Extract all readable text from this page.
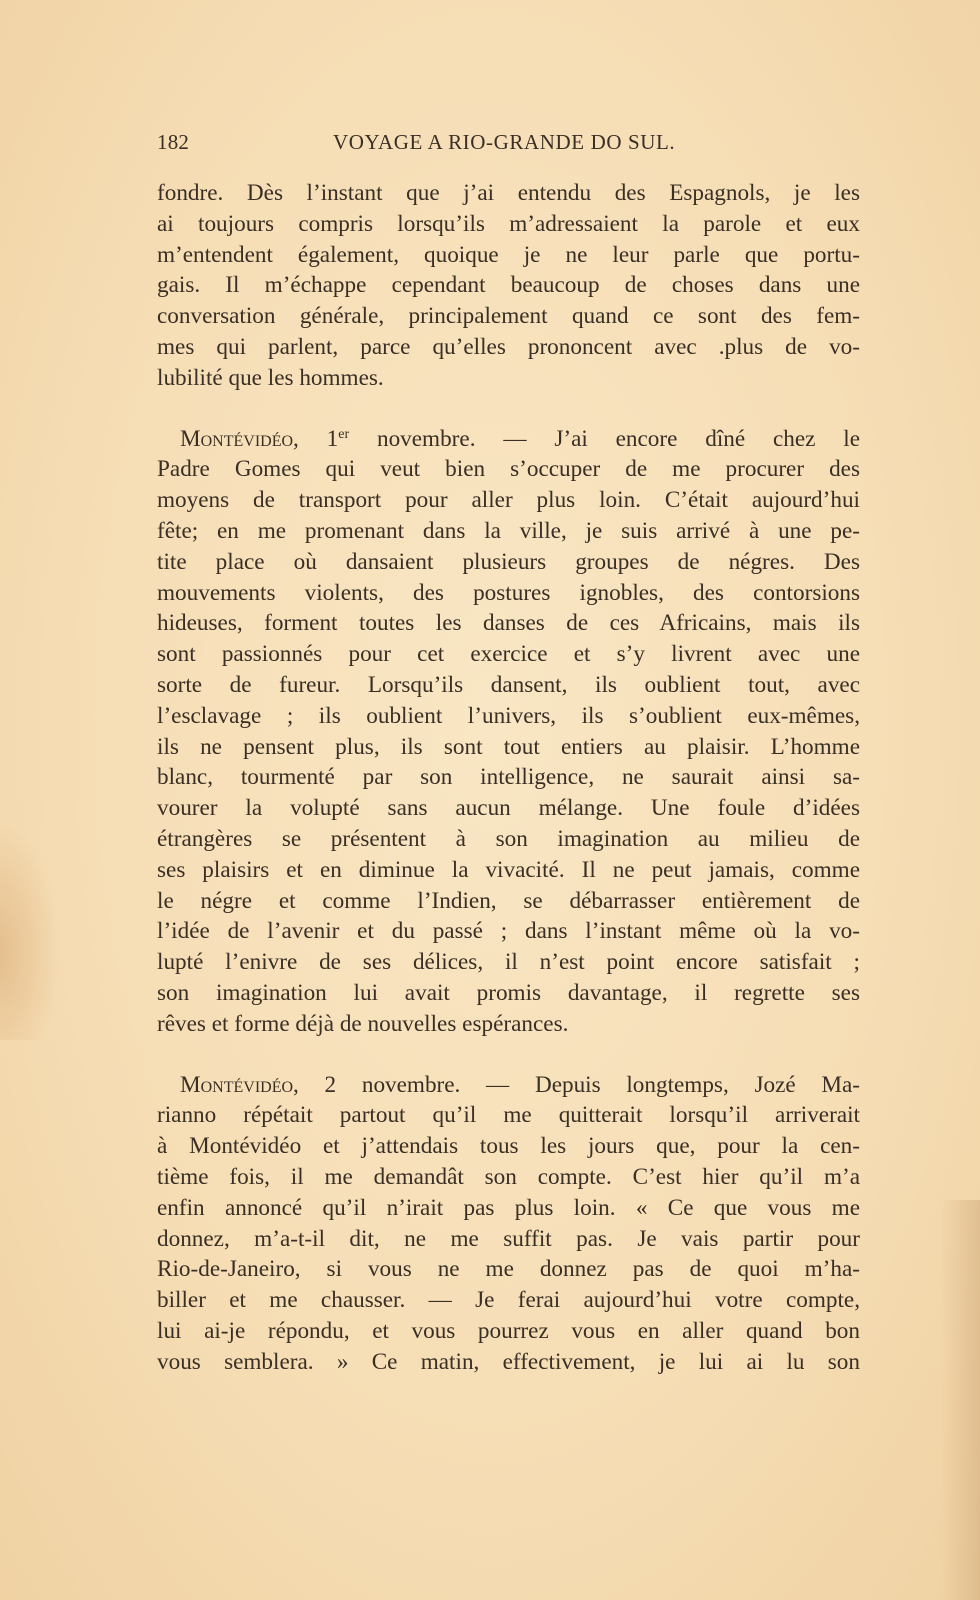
182	VOYAGE A RIO-GRANDE DO SUL.
fondre. Dès l’instant que j’ai entendu des Espagnols, je les
ai toujours compris lorsqu’ils m’adressaient la parole et eux
m’entendent également, quoique je ne leur parle que portu-
gais. Il m’échappe cependant beaucoup de choses dans une
conversation générale, principalement quand ce sont des fem-
mes qui parlent, parce qu’elles prononcent avec .plus de vo-
lubilité que les hommes.
Montévidéo, 1er novembre. — J’ai encore dîné chez le
Padre Gomes qui veut bien s’occuper de me procurer des
moyens de transport pour aller plus loin. C’était aujourd’hui
fête; en me promenant dans la ville, je suis arrivé à une pe-
tite place où dansaient plusieurs groupes de négres. Des
mouvements violents, des postures ignobles, des contorsions
hideuses, forment toutes les danses de ces Africains, mais ils
sont passionnés pour cet exercice et s’y livrent avec une
sorte de fureur. Lorsqu’ils dansent, ils oublient tout, avec
l’esclavage ; ils oublient l’univers, ils s’oublient eux-mêmes,
ils ne pensent plus, ils sont tout entiers au plaisir. L’homme
blanc, tourmenté par son intelligence, ne saurait ainsi sa-
vourer la volupté sans aucun mélange. Une foule d’idées
étrangères se présentent à son imagination au milieu de
ses plaisirs et en diminue la vivacité. Il ne peut jamais, comme
le négre et comme l’Indien, se débarrasser entièrement de
l’idée de l’avenir et du passé ; dans l’instant même où la vo-
lupté l’enivre de ses délices, il n’est point encore satisfait ;
son imagination lui avait promis davantage, il regrette ses
rêves et forme déjà de nouvelles espérances.
Montévidéo, 2 novembre. — Depuis longtemps, Jozé Ma-
rianno répétait partout qu’il me quitterait lorsqu’il arriverait
à Montévidéo et j’attendais tous les jours que, pour la cen-
tième fois, il me demandât son compte. C’est hier qu’il m’a
enfin annoncé qu’il n’irait pas plus loin. « Ce que vous me
donnez, m’a-t-il dit, ne me suffit pas. Je vais partir pour
Rio-de-Janeiro, si vous ne me donnez pas de quoi m’ha-
biller et me chausser. — Je ferai aujourd’hui votre compte,
lui ai-je répondu, et vous pourrez vous en aller quand bon
vous semblera. » Ce matin, effectivement, je lui ai lu son
